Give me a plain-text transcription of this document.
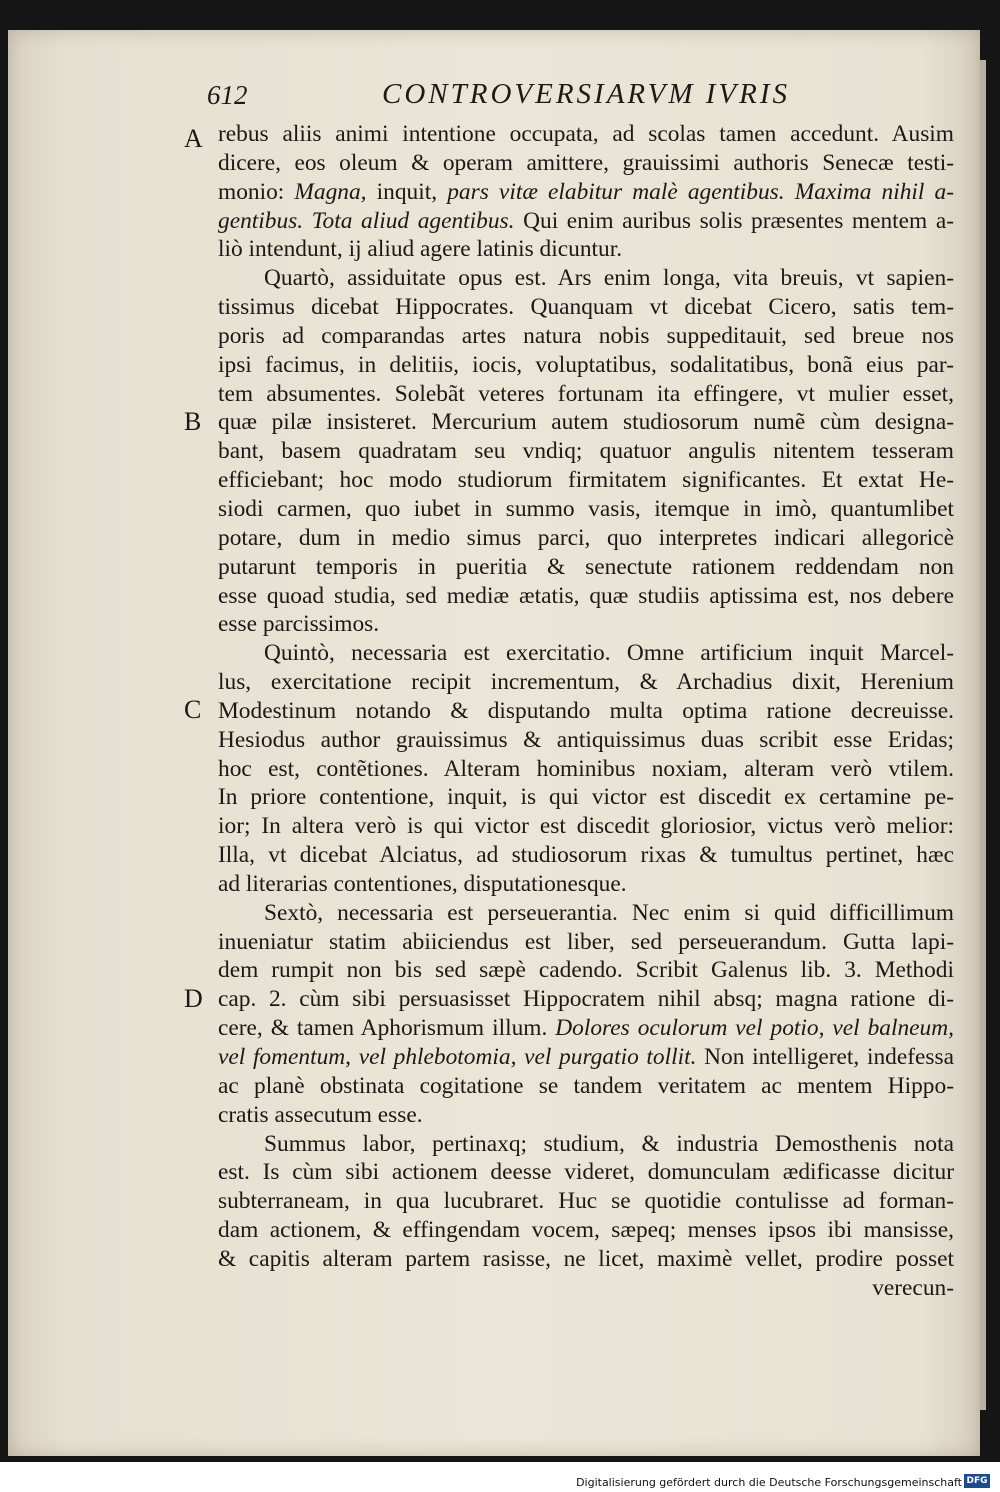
612	CONTROVERSIARVM IVRIS
A
B
C
D
rebus aliis animi intentione occupata, ad scolas tamen accedunt. Ausim
dicere, eos oleum & operam amittere, grauissimi authoris Senecæ testi-
monio: Magna, inquit, pars vitæ elabitur malè agentibus. Maxima nihil a-
gentibus. Tota aliud agentibus. Qui enim auribus solis præsentes mentem a-
liò intendunt, ij aliud agere latinis dicuntur.
Quartò, assiduitate opus est. Ars enim longa, vita breuis, vt sapien-
tissimus dicebat Hippocrates. Quanquam vt dicebat Cicero, satis tem-
poris ad comparandas artes natura nobis suppeditauit, sed breue nos
ipsi facimus, in delitiis, iocis, voluptatibus, sodalitatibus, bonã eius par-
tem absumentes. Solebãt veteres fortunam ita effingere, vt mulier esset,
quæ pilæ insisteret. Mercurium autem studiosorum numẽ cùm designa-
bant, basem quadratam seu vndiq; quatuor angulis nitentem tesseram
efficiebant; hoc modo studiorum firmitatem significantes. Et extat He-
siodi carmen, quo iubet in summo vasis, itemque in imò, quantumlibet
potare, dum in medio simus parci, quo interpretes indicari allegoricè
putarunt temporis in pueritia & senectute rationem reddendam non
esse quoad studia, sed mediæ ætatis, quæ studiis aptissima est, nos debere
esse parcissimos.
Quintò, necessaria est exercitatio. Omne artificium inquit Marcel-
lus, exercitatione recipit incrementum, & Archadius dixit, Herenium
Modestinum notando & disputando multa optima ratione decreuisse.
Hesiodus author grauissimus & antiquissimus duas scribit esse Eridas;
hoc est, contẽtiones. Alteram hominibus noxiam, alteram verò vtilem.
In priore contentione, inquit, is qui victor est discedit ex certamine pe-
ior; In altera verò is qui victor est discedit gloriosior, victus verò melior:
Illa, vt dicebat Alciatus, ad studiosorum rixas & tumultus pertinet, hæc
ad literarias contentiones, disputationesque.
Sextò, necessaria est perseuerantia. Nec enim si quid difficillimum
inueniatur statim abiiciendus est liber, sed perseuerandum. Gutta lapi-
dem rumpit non bis sed sæpè cadendo. Scribit Galenus lib. 3. Methodi
cap. 2. cùm sibi persuasisset Hippocratem nihil absq; magna ratione di-
cere, & tamen Aphorismum illum. Dolores oculorum vel potio, vel balneum,
vel fomentum, vel phlebotomia, vel purgatio tollit. Non intelligeret, indefessa
ac planè obstinata cogitatione se tandem veritatem ac mentem Hippo-
cratis assecutum esse.
Summus labor, pertinaxq; studium, & industria Demosthenis nota
est. Is cùm sibi actionem deesse videret, domunculam ædificasse dicitur
subterraneam, in qua lucubraret. Huc se quotidie contulisse ad forman-
dam actionem, & effingendam vocem, sæpeq; menses ipsos ibi mansisse,
& capitis alteram partem rasisse, ne licet, maximè vellet, prodire posset
verecun-
Digitalisierung gefördert durch die Deutsche Forschungsgemeinschaft DFG
